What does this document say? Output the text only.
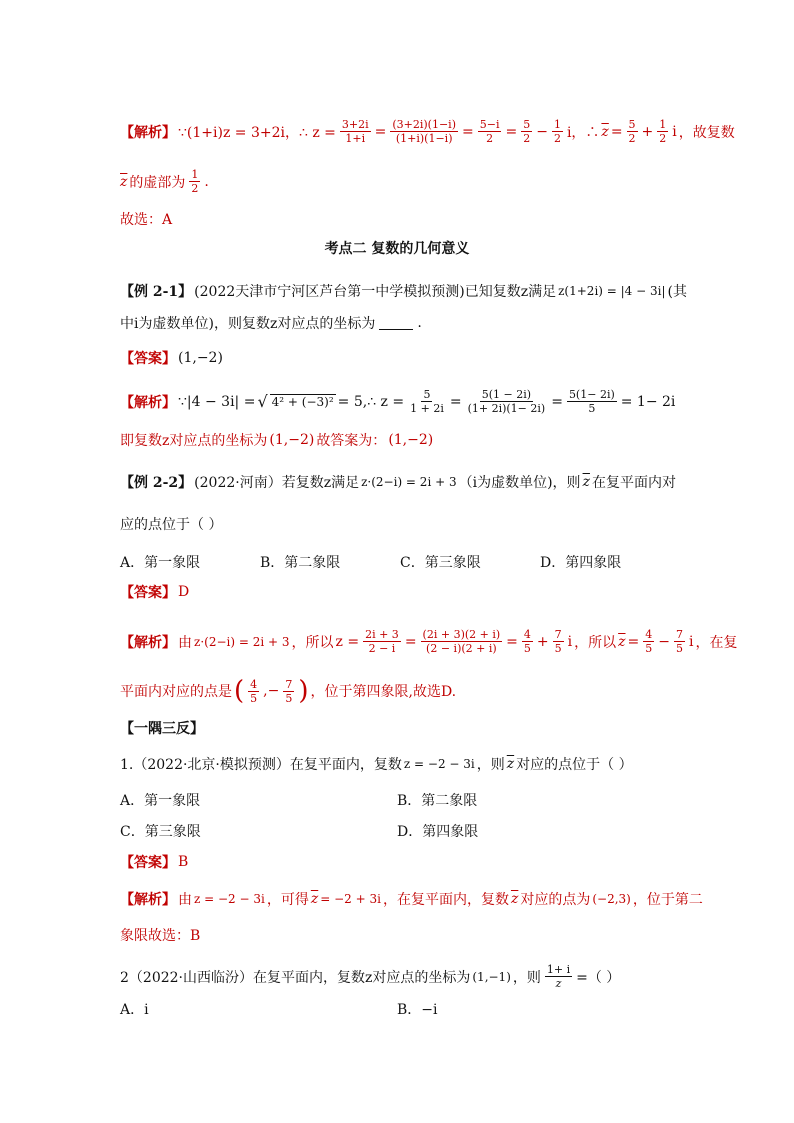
【解析】 ∵(1+i)z = 3+2i，∴ $z = \frac{3+2i}{1+i} = \frac{(3+2i)(1-i)}{(1+i)(1-i)} = \frac{5-i}{2} = \frac{5}{2} - \frac{1}{2}$ i，∴ $\overline{z} = \frac{5}{2} + \frac{1}{2}$ i ，故复数
$\overline{z}$ 的虚部为 $\frac{1}{2}$ .
故选：A
考点二 复数的几何意义
【例 2-1】 (2022天津市宁河区芦台第一中学模拟预测)已知复数z满足 z(1+2i) = |4 − 3i| (其
中i为虚数单位)，则复数z对应点的坐标为	.
【答案】 (1,−2)
【解析】 ∵|4 − 3i| = √ 4² + (−3)² = 5,∴ $z = \frac{5}{1 + 2i} = \frac{5(1 - 2i)}{(1+ 2i)(1- 2i)} = \frac{5(1- 2i)}{5} = 1- 2i$
即复数z对应点的坐标为 (1,−2) 故答案为： (1,−2)
【例 2-2】 (2022·河南）若复数z满足 z·(2−i) = 2i + 3 （i为虚数单位)，则 $\overline{z}$ 在复平面内对
应的点位于（ ）
A．第一象限	B．第二象限	C．第三象限	D．第四象限
【答案】 D
【解析】 由 z·(2−i) = 2i + 3 ，所以 $z = \frac{2i + 3}{2 - i} = \frac{(2i + 3)(2 + i)}{(2 - i)(2 + i)} = \frac{4}{5} + \frac{7}{5}$ i ，所以 $\overline{z} = \frac{4}{5} - \frac{7}{5}$ i ，在复
平面内对应的点是 ( $\frac{4}{5}$ ,− $\frac{7}{5}$ ) ，位于第四象限,故选D.
【一隅三反】
1.（2022·北京·模拟预测）在复平面内，复数 z = −2 − 3i ，则 $\overline{z}$ 对应的点位于（ ）
A．第一象限	B．第二象限
C．第三象限	D．第四象限
【答案】 B
【解析】 由 z = −2 − 3i ，可得 $\overline{z} = -2 + 3i$ ，在复平面内，复数 $\overline{z}$ 对应的点为 (−2,3) ，位于第二
象限故选：B
2（2022·山西临汾）在复平面内，复数z对应点的坐标为 (1,−1) ，则 $\frac{1+ i}{z}$ =（ ）
A．i	B．−i
